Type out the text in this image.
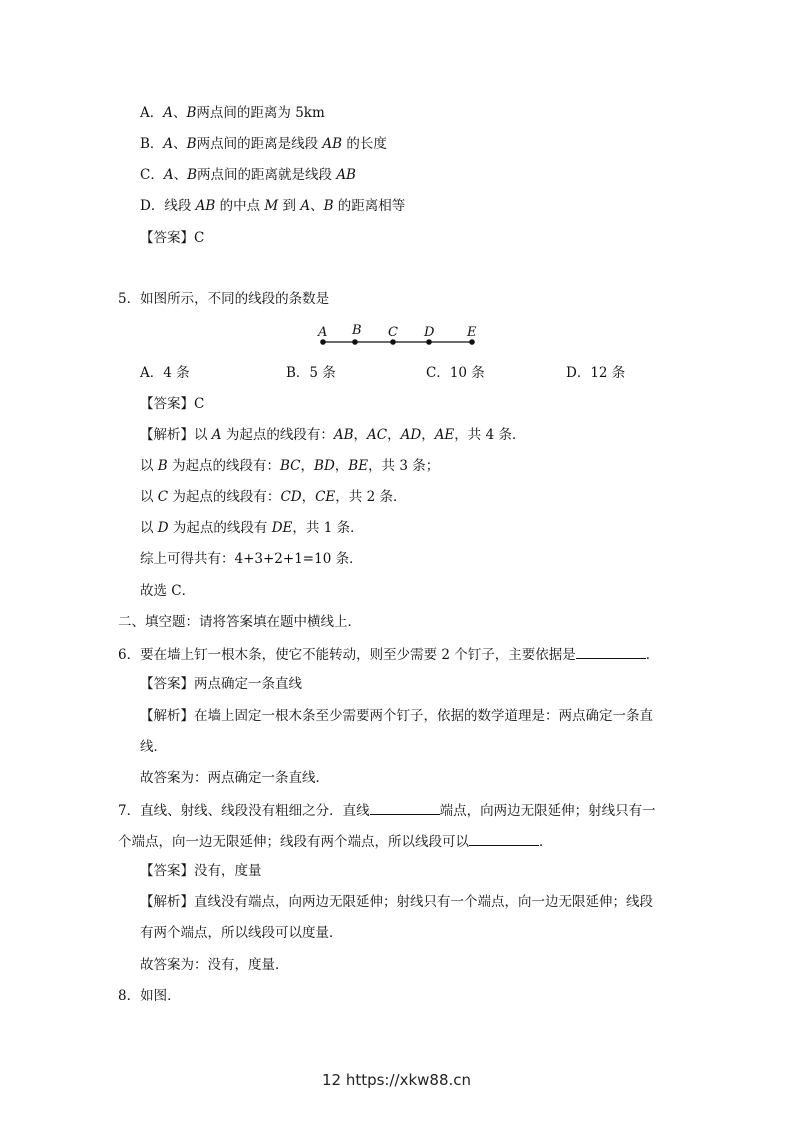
A．A、B两点间的距离为 5km
B．A、B两点间的距离是线段 AB 的长度
C．A、B两点间的距离就是线段 AB
D．线段 AB 的中点 M 到 A、B 的距离相等
【答案】C
5．如图所示，不同的线段的条数是
A B C D	E
A．4 条	B．5 条	C．10 条	D．12 条
【答案】C
【解析】以 A 为起点的线段有：AB，AC，AD，AE，共 4 条．
以 B 为起点的线段有：BC，BD，BE，共 3 条；
以 C 为起点的线段有：CD，CE，共 2 条．
以 D 为起点的线段有 DE，共 1 条．
综上可得共有：4+3+2+1=10 条．
故选 C．
二、填空题：请将答案填在题中横线上．
6．要在墙上钉一根木条，使它不能转动，则至少需要 2 个钉子，主要依据是	．
【答案】两点确定一条直线
【解析】在墙上固定一根木条至少需要两个钉子，依据的数学道理是：两点确定一条直
线．
故答案为：两点确定一条直线．
7．直线、射线、线段没有粗细之分．直线	端点，向两边无限延伸；射线只有一
个端点，向一边无限延伸；线段有两个端点，所以线段可以	．
【答案】没有，度量
【解析】直线没有端点，向两边无限延伸；射线只有一个端点，向一边无限延伸；线段
有两个端点，所以线段可以度量．
故答案为：没有，度量．
8．如图．
12 https://xkw88.cn
